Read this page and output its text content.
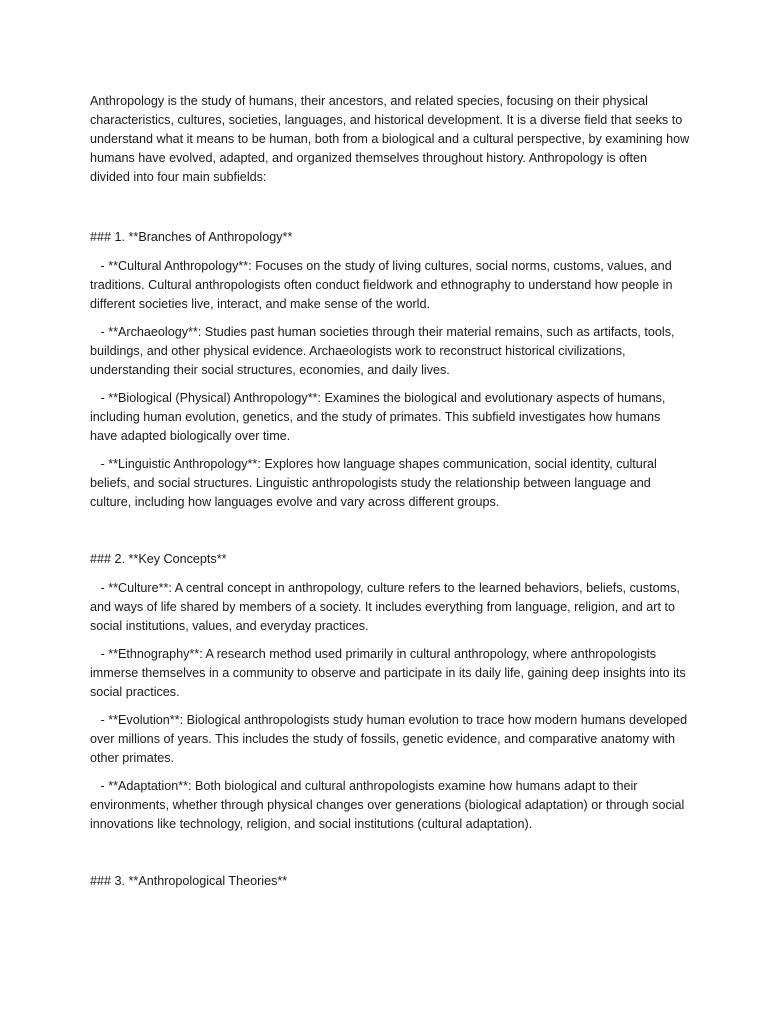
Anthropology is the study of humans, their ancestors, and related species, focusing on their physical characteristics, cultures, societies, languages, and historical development. It is a diverse field that seeks to understand what it means to be human, both from a biological and a cultural perspective, by examining how humans have evolved, adapted, and organized themselves throughout history. Anthropology is often divided into four main subfields:

### 1. **Branches of Anthropology**

- **Cultural Anthropology**: Focuses on the study of living cultures, social norms, customs, values, and traditions. Cultural anthropologists often conduct fieldwork and ethnography to understand how people in different societies live, interact, and make sense of the world.

- **Archaeology**: Studies past human societies through their material remains, such as artifacts, tools, buildings, and other physical evidence. Archaeologists work to reconstruct historical civilizations, understanding their social structures, economies, and daily lives.

- **Biological (Physical) Anthropology**: Examines the biological and evolutionary aspects of humans, including human evolution, genetics, and the study of primates. This subfield investigates how humans have adapted biologically over time.

- **Linguistic Anthropology**: Explores how language shapes communication, social identity, cultural beliefs, and social structures. Linguistic anthropologists study the relationship between language and culture, including how languages evolve and vary across different groups.

### 2. **Key Concepts**

- **Culture**: A central concept in anthropology, culture refers to the learned behaviors, beliefs, customs, and ways of life shared by members of a society. It includes everything from language, religion, and art to social institutions, values, and everyday practices.

- **Ethnography**: A research method used primarily in cultural anthropology, where anthropologists immerse themselves in a community to observe and participate in its daily life, gaining deep insights into its social practices.

- **Evolution**: Biological anthropologists study human evolution to trace how modern humans developed over millions of years. This includes the study of fossils, genetic evidence, and comparative anatomy with other primates.

- **Adaptation**: Both biological and cultural anthropologists examine how humans adapt to their environments, whether through physical changes over generations (biological adaptation) or through social innovations like technology, religion, and social institutions (cultural adaptation).

### 3. **Anthropological Theories**
